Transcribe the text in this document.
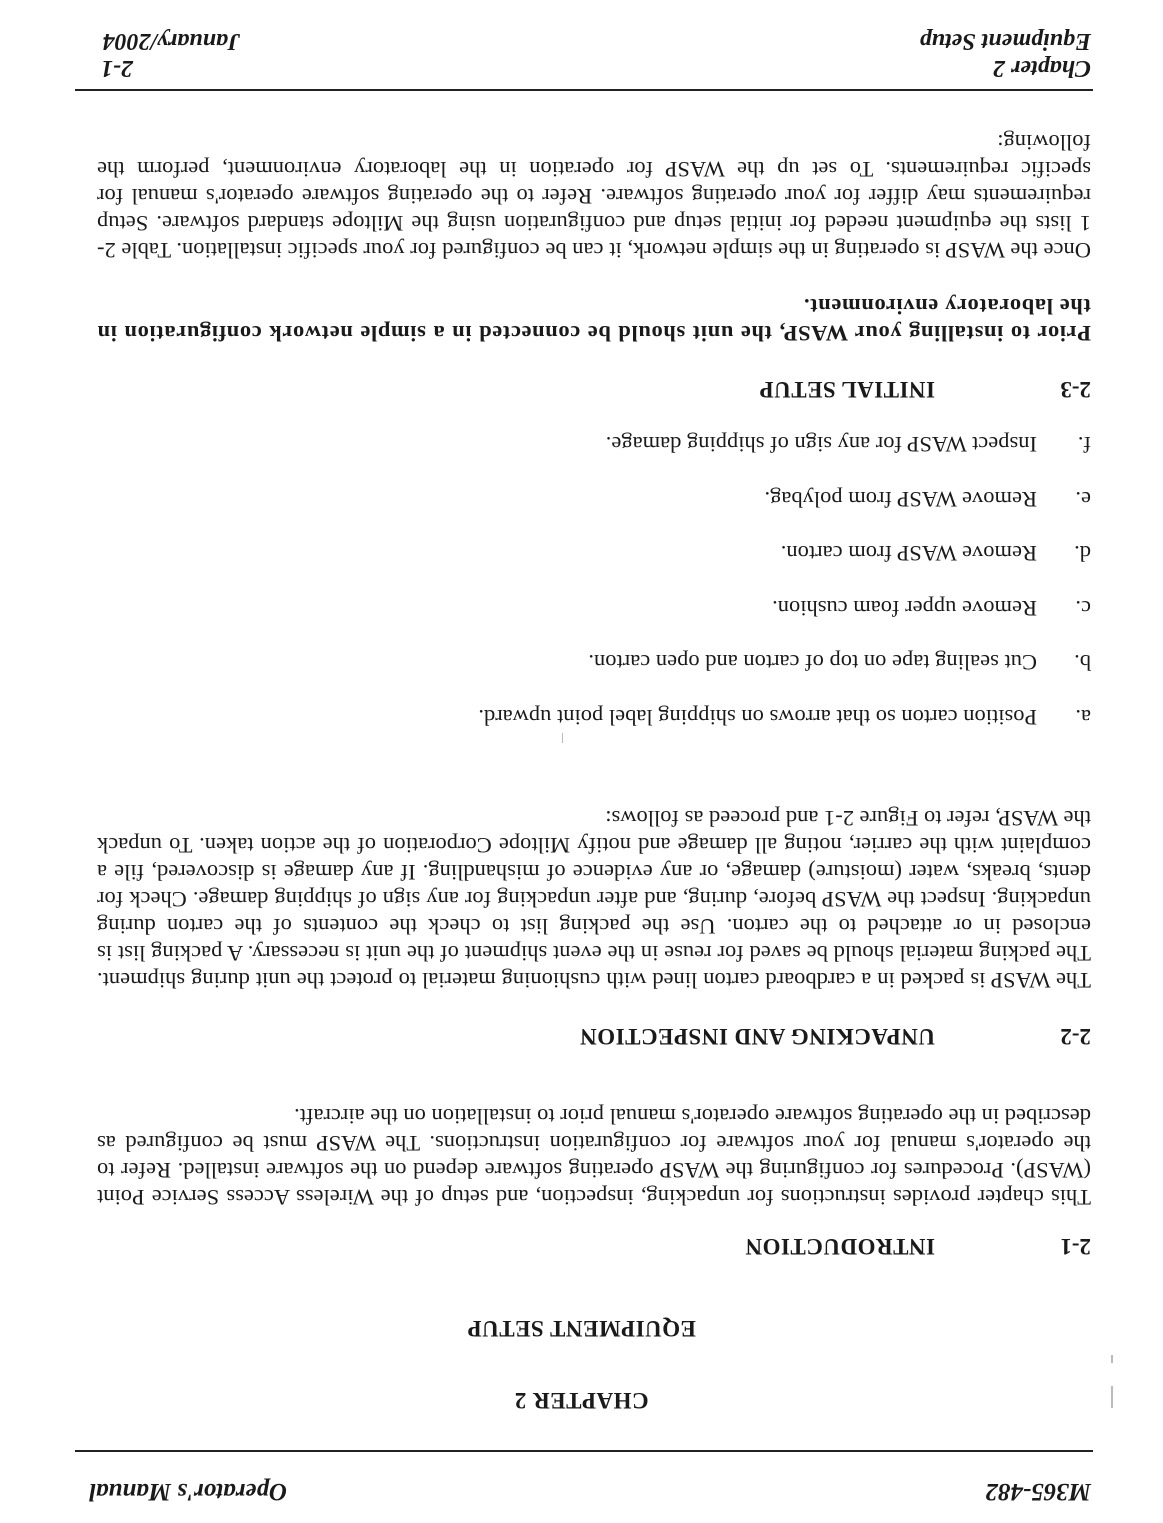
M365-482
Operator's Manual
CHAPTER 2
EQUIPMENT SETUP
2-1
INTRODUCTION

This chapter provides instructions for unpacking, inspection, and setup of the Wireless Access Service Point (WASP). Procedures for configuring the WASP operating software depend on the software installed. Refer to the operator's manual for your software for configuration instructions. The WASP must be configured as described in the operating software operator's manual prior to installation on the aircraft.

2-2
UNPACKING AND INSPECTION

The WASP is packed in a cardboard carton lined with cushioning material to protect the unit during shipment. The packing material should be saved for reuse in the event shipment of the unit is necessary. A packing list is enclosed in or attached to the carton. Use the packing list to check the contents of the carton during unpacking. Inspect the WASP before, during, and after unpacking for any sign of shipping damage. Check for dents, breaks, water (moisture) damage, or any evidence of mishandling. If any damage is discovered, file a complaint with the carrier, noting all damage and notify Miltope Corporation of the action taken. To unpack the WASP, refer to Figure 2-1 and proceed as follows:

a.
Position carton so that arrows on shipping label point upward.
b.
Cut sealing tape on top of carton and open carton.
c.
Remove upper foam cushion.
d.
Remove WASP from carton.
e.
Remove WASP from polybag.
f.
Inspect WASP for any sign of shipping damage.
2-3
INITIAL SETUP

Prior to installing your WASP, the unit should be connected in a simple network configuration in the laboratory environment.

Once the WASP is operating in the simple network, it can be configured for your specific installation. Table 2-1 lists the equipment needed for initial setup and configuration using the Miltope standard software. Setup requirements may differ for your operating software. Refer to the operating software operator's manual for specific requirements. To set up the WASP for operation in the laboratory environment, perform the following:

Chapter 2
Equipment Setup
2-1
January/2004
